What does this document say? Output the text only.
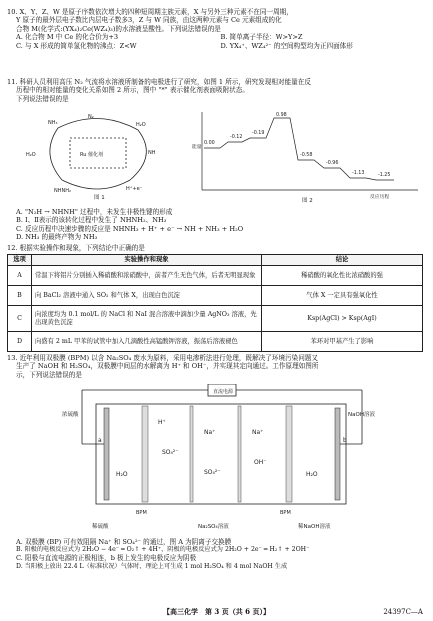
10. X、Y、Z、W 是原子序数依次增大的四种短周期主族元素，X 与另外三种元素不在同一周期，
Y 原子的最外层电子数比内层电子数多3，Z 与 W 同族，由这两种元素与 Ce 元素组成的化
合物 M(化学式:(YX₄)₂Ce(WZ₄)₃)的水溶液呈酸性。下列说法错误的是
A. 化合物 M 中 Ce 的化合价为+3	B. 简单离子半径：W>Y>Z
C. 与 X 形成的简单氢化物的沸点：Z<W	D. YX₄⁺、WZ₄²⁻ 的空间构型均为正四面体形
11. 科研人员利用高压 N₂ 气流将水溶液所制备的电极进行了研究，如图 1 所示，研究发现相对能量在反
历程中的相对能量的变化关系如图 2 所示，图中 "*" 表示催化剂表面吸附状态。
下列说法错误的是
NH₃
N₂
H₂O
NH
H⁺+e⁻
NHNH₂
H₂O	Ru 催化剂
图 1
0.00
-0.12
-0.19
0.98
-0.58
-0.96
-1.13	-1.25
能量
反应历程
图 2
A. "N₂H → NHNH" 过程中，未发生非极性键的形成
B. Ⅰ、Ⅱ表示的该转化过程中发生了 NHNH₂、NH₃
C. 反应历程中决速步骤的反应是 NHNH₃ + H⁺ + e⁻ → NH + NH₃ + H₂O
D. NH₃ 的最终产物为 NH₃
12. 根据实验操作和现象，下列结论中正确的是
选项	实验操作和现象	结论
A	常温下将铝片分别插入稀硝酸和浓硝酸中，前者产生无色气体，后者无明显现象	稀硝酸的氧化性比浓硝酸的强
B	向 BaCl₂ 溶液中通入 SO₂ 和气体 X，出现白色沉淀	气体 X 一定具有强氧化性
C	向浓度均为 0.1 mol/L 的 NaCl 和 NaI 混合溶液中滴加少量 AgNO₃ 溶液，先出现黄色沉淀	Ksp(AgCl) > Ksp(AgI)
D	向盛有 2 mL 甲苯的试管中加入几滴酸性高锰酸钾溶液，振荡后溶液褪色	苯环对甲基产生了影响
13. 近年利用双极膜 (BPM) 以含 Na₂SO₄ 废水为原料，采用电渗析法进行处理，既解决了环境污染问题又
生产了 NaOH 和 H₂SO₄，双极膜中间层的水解离为 H⁺ 和 OH⁻，并实现其定向通过。工作原理如图所
示，下列说法错误的是
直流电源
a	b
BPM	BPM
H⁺
SO₄²⁻
Na⁺
SO₄²⁻
Na⁺
OH⁻
H₂O	H₂O
浓硫酸	NaOH溶液
稀硫酸	Na₂SO₄溶液	稀NaOH溶液
A. 双极膜 (BP) 可有效阻隔 Na⁺ 和 SO₄²⁻ 的通过，图 A 为阴离子交换膜
B. 阳极的电极反应式为 2H₂O − 4e⁻ ═ O₂↑ + 4H⁺，阴极的电极反应式为 2H₂O + 2e⁻ ═ H₂↑ + 2OH⁻
C. 阳极与直流电源的正极相连，b 极上发生的电极反应为阴极
D. 当阳极上放出 22.4 L（标准状况）气体时，理论上可生成 1 mol H₂SO₄ 和 4 mol NaOH 生成
【高三化学　第 3 页（共 6 页）】	24397C—A
